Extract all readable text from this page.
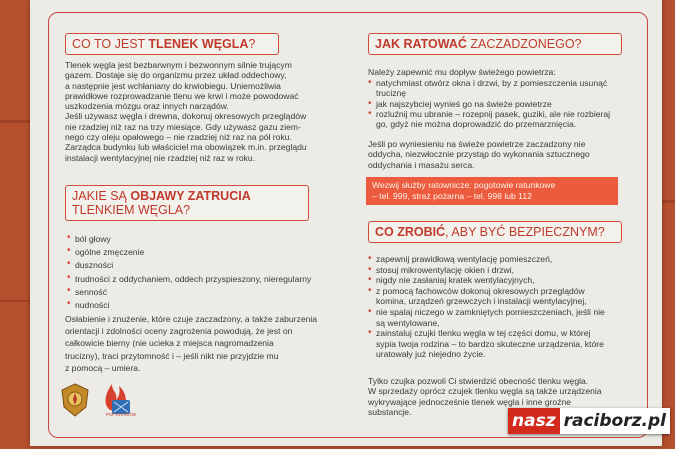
CO TO JEST TLENEK WĘGLA?
Tlenek węgla jest bezbarwnym i bezwonnym silnie trującym
gazem. Dostaje się do organizmu przez układ oddechowy,
a następnie jest wchłaniany do krwiobiegu. Uniemożliwia
prawidłowe rozprowadzanie tlenu we krwi i może powodować
uszkodzenia mózgu oraz innych narządów.
Jeśli używasz węgla i drewna, dokonuj okresowych przeglądów
nie rzadziej niż raz na trzy miesiące. Gdy używasz gazu ziem-
nego czy oleju opałowego – nie rzadziej niż raz na pół roku.
Zarządca budynku lub właściciel ma obowiązek m.in. przeglądu
instalacji wentylacyjnej nie rzadziej niż raz w roku.
JAKIE SĄ OBJAWY ZATRUCIA
TLENKIEM WĘGLA?
• ból głowy
• ogólne zmęczenie
• duszności
• trudności z oddychaniem, oddech przyspieszony, nieregularny
• senność
• nudności
Osłabienie i znużenie, które czuje zaczadzony, a także zaburzenia
orientacji i zdolności oceny zagrożenia powodują, że jest on
całkowicie bierny (nie ucieka z miejsca nagromadzenia
trucizny), traci przytomność i – jeśli nikt nie przyjdzie mu
z pomocą – umiera.
PSP KRAKÓW
JAK RATOWAĆ ZACZADZONEGO?
Należy zapewnić mu dopływ świeżego powietrza:
• natychmiast otwórz okna i drzwi, by z pomieszczenia usunąć
truciznę
• jak najszybciej wynieś go na świeże powietrze
• rozluźnij mu ubranie – rozepnij pasek, guziki, ale nie rozbieraj
go, gdyż nie można doprowadzić do przemarznięcia.
Jeśli po wyniesieniu na świeże powietrze zaczadzony nie
oddycha, niezwłocznie przystąp do wykonania sztucznego
oddychania i masażu serca.
Wezwij służby ratownicze: pogotowie ratunkowe
– tel. 999, straż pożarna – tel. 998 lub 112
CO ZROBIĆ, ABY BYĆ BEZPIECZNYM?
• zapewnij prawidłową wentylację pomieszczeń,
• stosuj mikrowentylację okien i drzwi,
• nigdy nie zasłaniaj kratek wentylacyjnych,
• z pomocą fachowców dokonuj okresowych przeglądów
komina, urządzeń grzewczych i instalacji wentylacyjnej,
• nie spalaj niczego w zamkniętych pomieszczeniach, jeśli nie
są wentylowane,
• zainstaluj czujki tlenku węgla w tej części domu, w której
sypia twoja rodzina – to bardzo skuteczne urządzenia, które
uratowały już niejedno życie.
Tylko czujka pozwoli Ci stwierdzić obecność tlenku węgla.
W sprzedaży oprócz czujek tlenku węgla są także urządzenia
wykrywające jednocześnie tlenek węgla i inne groźne
substancje.	nasz raciborz.pl
